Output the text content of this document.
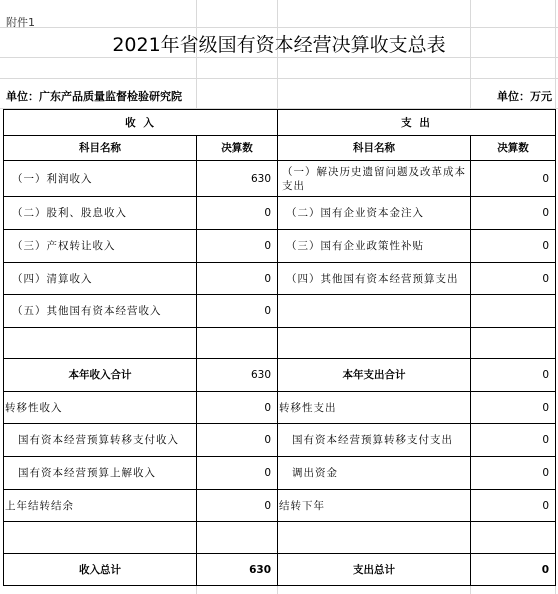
附件1
2021年省级国有资本经营决算收支总表
单位：广东产品质量监督检验研究院	单位：万元
收 入		支 出	
科目名称	决算数	科目名称	决算数
（一）利润收入	630	（一）解决历史遗留问题及改革成本支出	0
（二）股利、股息收入	0	（二）国有企业资本金注入	0
（三）产权转让收入	0	（三）国有企业政策性补贴	0
（四）清算收入	0	（四）其他国有资本经营预算支出	0
（五）其他国有资本经营收入	0		

本年收入合计	630	本年支出合计	0
转移性收入	0	转移性支出	0
国有资本经营预算转移支付收入	0	国有资本经营预算转移支付支出	0
国有资本经营预算上解收入	0	调出资金	0
上年结转结余	0	结转下年	0

收入总计	630	支出总计	0
